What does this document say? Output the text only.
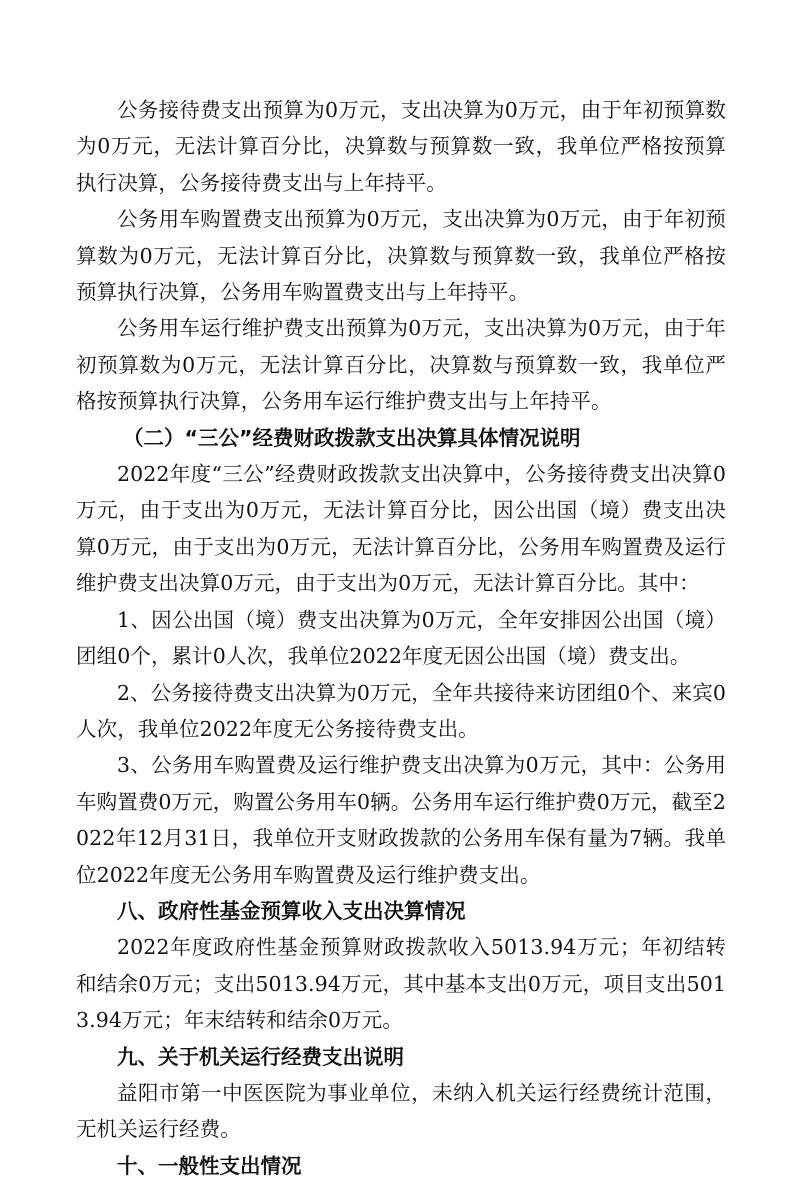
公务接待费支出预算为0万元，支出决算为0万元，由于年初预算数为0万元，无法计算百分比，决算数与预算数一致，我单位严格按预算执行决算，公务接待费支出与上年持平。

公务用车购置费支出预算为0万元，支出决算为0万元，由于年初预算数为0万元，无法计算百分比，决算数与预算数一致，我单位严格按预算执行决算，公务用车购置费支出与上年持平。

公务用车运行维护费支出预算为0万元，支出决算为0万元，由于年初预算数为0万元，无法计算百分比，决算数与预算数一致，我单位严格按预算执行决算，公务用车运行维护费支出与上年持平。

（二）“三公”经费财政拨款支出决算具体情况说明

2022年度“三公”经费财政拨款支出决算中，公务接待费支出决算0万元，由于支出为0万元，无法计算百分比，因公出国（境）费支出决算0万元，由于支出为0万元，无法计算百分比，公务用车购置费及运行维护费支出决算0万元，由于支出为0万元，无法计算百分比。其中：

1、因公出国（境）费支出决算为0万元，全年安排因公出国（境）团组0个，累计0人次，我单位2022年度无因公出国（境）费支出。

2、公务接待费支出决算为0万元，全年共接待来访团组0个、来宾0人次，我单位2022年度无公务接待费支出。

3、公务用车购置费及运行维护费支出决算为0万元，其中：公务用车购置费0万元，购置公务用车0辆。公务用车运行维护费0万元，截至2022年12月31日，我单位开支财政拨款的公务用车保有量为7辆。我单位2022年度无公务用车购置费及运行维护费支出。

八、政府性基金预算收入支出决算情况

2022年度政府性基金预算财政拨款收入5013.94万元；年初结转和结余0万元；支出5013.94万元，其中基本支出0万元，项目支出5013.94万元；年末结转和结余0万元。

九、关于机关运行经费支出说明

益阳市第一中医医院为事业单位，未纳入机关运行经费统计范围，无机关运行经费。

十、一般性支出情况
